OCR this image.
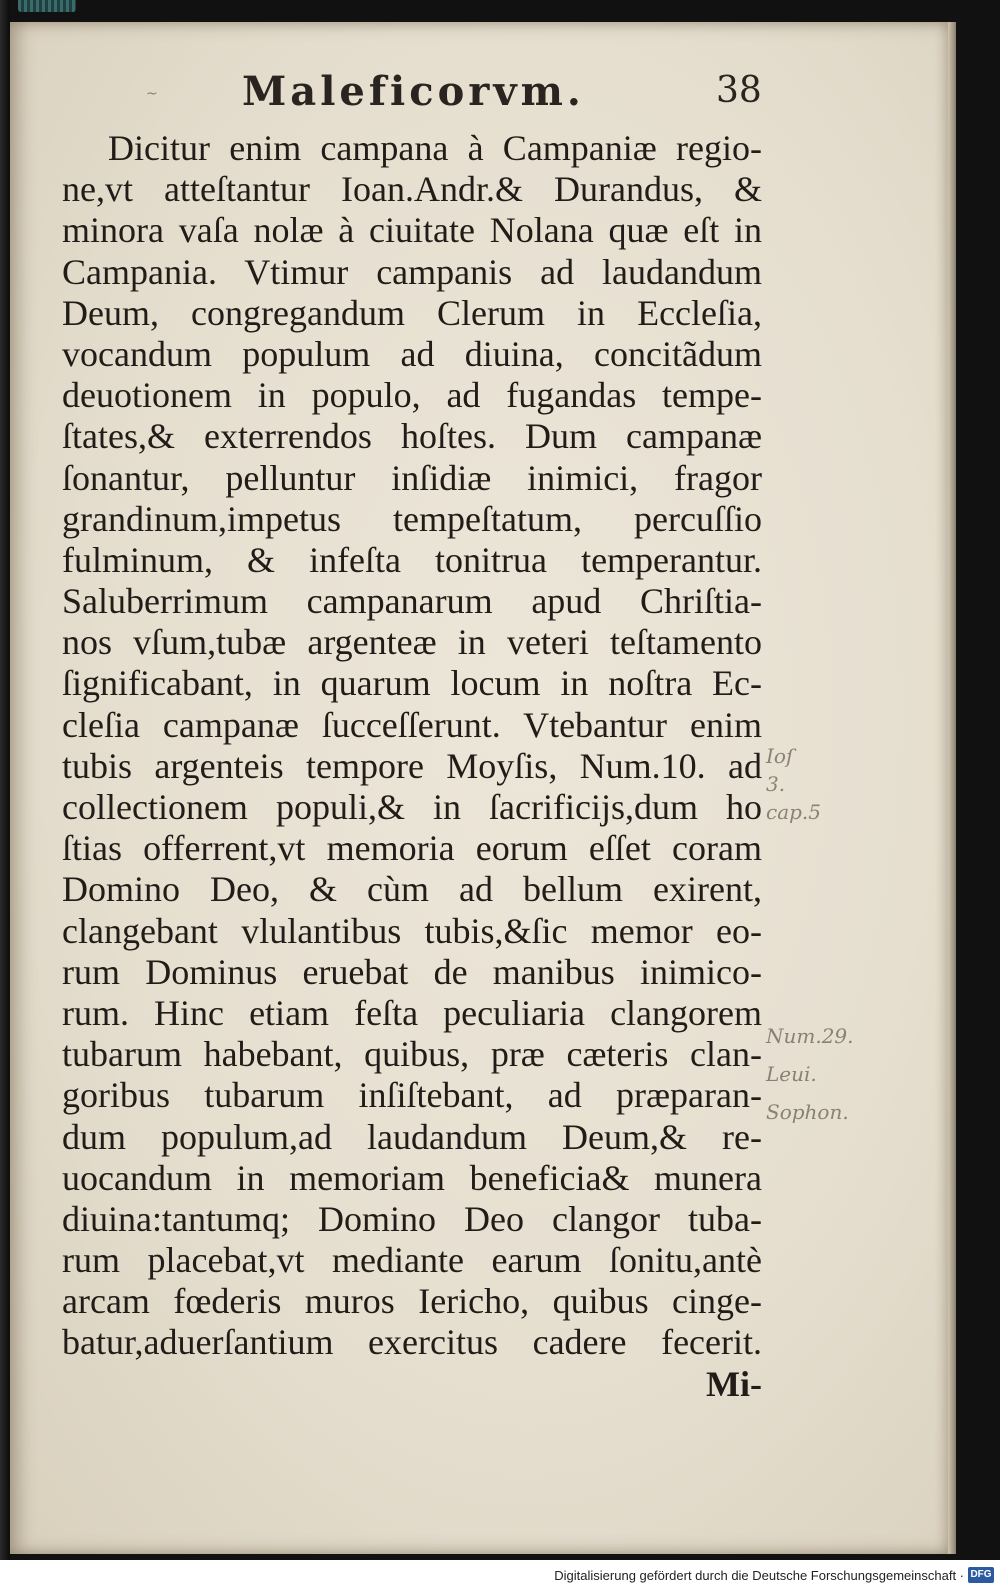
~	Maleficorvm.	38
Dicitur enim campana à Campaniæ regio-
ne,vt atteſtantur Ioan.Andr.& Durandus, &
minora vaſa nolæ à ciuitate Nolana quæ eſt in
Campania. Vtimur campanis ad laudandum
Deum, congregandum Clerum in Eccleſia,
vocandum populum ad diuina, concitãdum
deuotionem in populo, ad fugandas tempe-
ſtates,& exterrendos hoſtes. Dum campanæ
ſonantur, pelluntur inſidiæ inimici, fragor
grandinum,impetus tempeſtatum, percuſſio
fulminum, & infeſta tonitrua temperantur.
Saluberrimum campanarum apud Chriſtia-
nos vſum,tubæ argenteæ in veteri teſtamento
ſignificabant, in quarum locum in noſtra Ec-
cleſia campanæ ſucceſſerunt. Vtebantur enim
tubis argenteis tempore Moyſis, Num.10. ad
collectionem populi,& in ſacrificijs,dum ho
ſtias offerrent,vt memoria eorum eſſet coram
Domino Deo, & cùm ad bellum exirent,
clangebant vlulantibus tubis,&ſic memor eo-
rum Dominus eruebat de manibus inimico-
rum. Hinc etiam feſta peculiaria clangorem
tubarum habebant, quibus, præ cæteris clan-
goribus tubarum inſiſtebant, ad præparan-
dum populum,ad laudandum Deum,& re-
uocandum in memoriam beneficia& munera
diuina:tantumq; Domino Deo clangor tuba-
rum placebat,vt mediante earum ſonitu,antè
arcam fœderis muros Iericho, quibus cinge-
batur,aduerſantium exercitus cadere fecerit.
Mi-
Ioſ
3.
cap.5
Num.29.
Leui.
Sophon.
Digitalisierung gefördert durch die Deutsche Forschungsgemeinschaft · DFG
